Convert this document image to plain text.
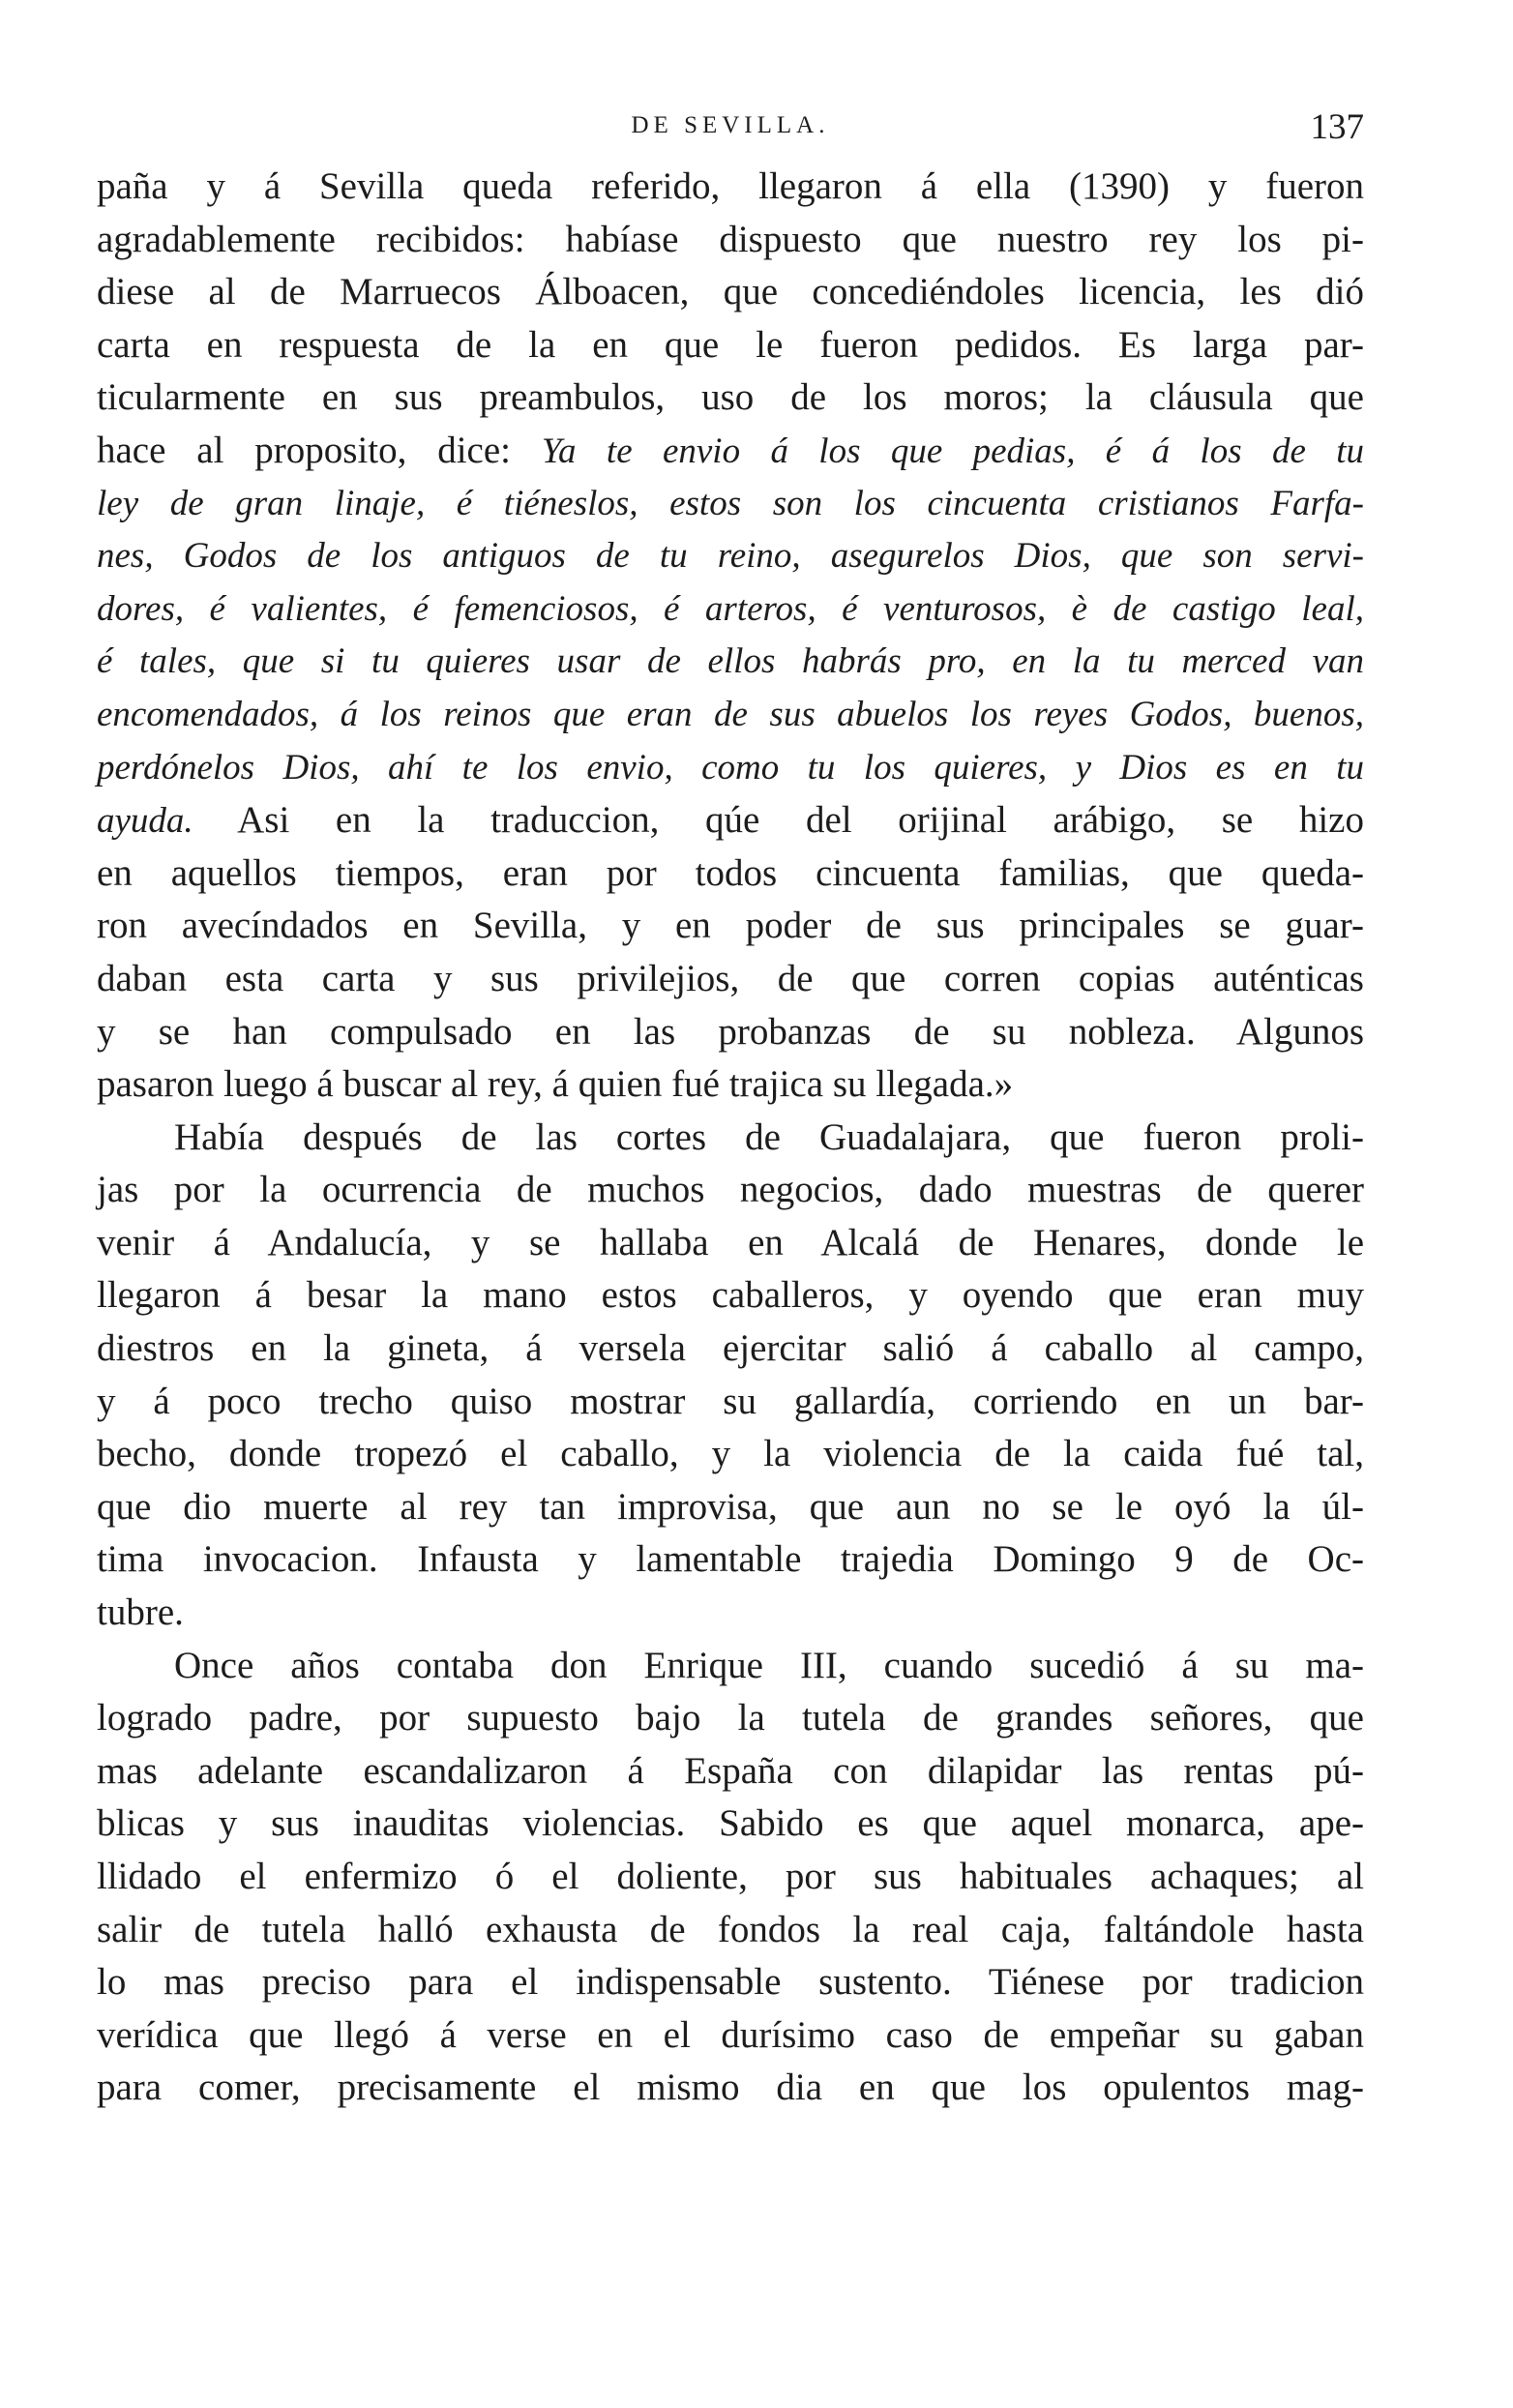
DE SEVILLA.	137
paña y á Sevilla queda referido, llegaron á ella (1390) y fueron
agradablemente recibidos: habíase dispuesto que nuestro rey los pi-
diese al de Marruecos Álboacen, que concediéndoles licencia, les dió
carta en respuesta de la en que le fueron pedidos. Es larga par-
ticularmente en sus preambulos, uso de los moros; la cláusula que
hace al proposito, dice: Ya te envio á los que pedias, é á los de tu
ley de gran linaje, é tiéneslos, estos son los cincuenta cristianos Farfa-
nes, Godos de los antiguos de tu reino, asegurelos Dios, que son servi-
dores, é valientes, é femenciosos, é arteros, é venturosos, è de castigo leal,
é tales, que si tu quieres usar de ellos habrás pro, en la tu merced van
encomendados, á los reinos que eran de sus abuelos los reyes Godos, buenos,
perdónelos Dios, ahí te los envio, como tu los quieres, y Dios es en tu
ayuda. Asi en la traduccion, qúe del orijinal arábigo, se hizo
en aquellos tiempos, eran por todos cincuenta familias, que queda-
ron avecíndados en Sevilla, y en poder de sus principales se guar-
daban esta carta y sus privilejios, de que corren copias auténticas
y se han compulsado en las probanzas de su nobleza. Algunos
pasaron luego á buscar al rey, á quien fué trajica su llegada.»
Había después de las cortes de Guadalajara, que fueron proli-
jas por la ocurrencia de muchos negocios, dado muestras de querer
venir á Andalucía, y se hallaba en Alcalá de Henares, donde le
llegaron á besar la mano estos caballeros, y oyendo que eran muy
diestros en la gineta, á versela ejercitar salió á caballo al campo,
y á poco trecho quiso mostrar su gallardía, corriendo en un bar-
becho, donde tropezó el caballo, y la violencia de la caida fué tal,
que dio muerte al rey tan improvisa, que aun no se le oyó la úl-
tima invocacion. Infausta y lamentable trajedia Domingo 9 de Oc-
tubre.
Once años contaba don Enrique III, cuando sucedió á su ma-
logrado padre, por supuesto bajo la tutela de grandes señores, que
mas adelante escandalizaron á España con dilapidar las rentas pú-
blicas y sus inauditas violencias. Sabido es que aquel monarca, ape-
llidado el enfermizo ó el doliente, por sus habituales achaques; al
salir de tutela halló exhausta de fondos la real caja, faltándole hasta
lo mas preciso para el indispensable sustento. Tiénese por tradicion
verídica que llegó á verse en el durísimo caso de empeñar su gaban
para comer, precisamente el mismo dia en que los opulentos mag-
